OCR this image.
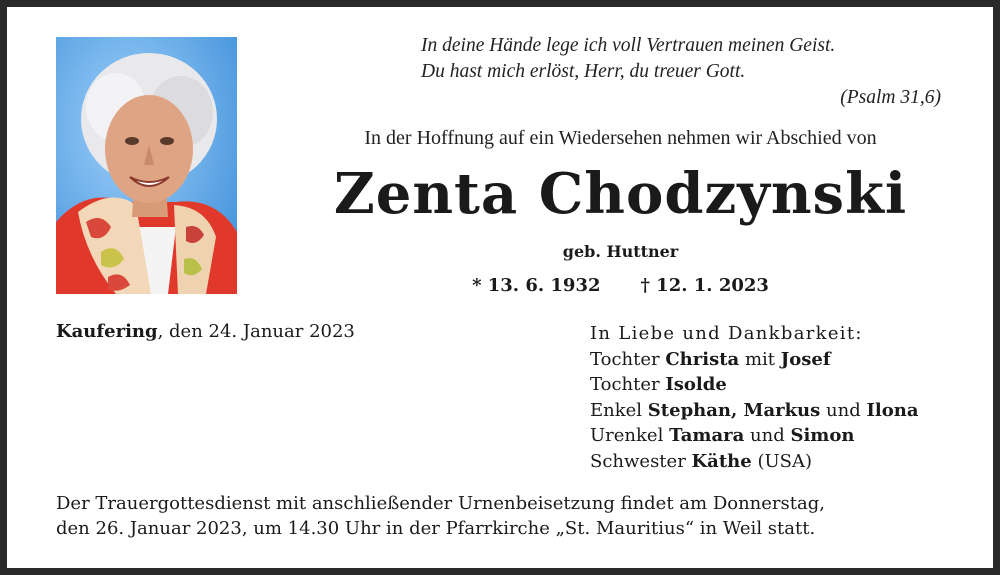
In deine Hände lege ich voll Vertrauen meinen Geist.
Du hast mich erlöst, Herr, du treuer Gott.
(Psalm 31,6)
In der Hoffnung auf ein Wiedersehen nehmen wir Abschied von
Zenta Chodzynski
geb. Huttner
* 13. 6. 1932 † 12. 1. 2023
Kaufering, den 24. Januar 2023	In Liebe und Dankbarkeit:
Tochter Christa mit Josef
Tochter Isolde
Enkel Stephan, Markus und Ilona
Urenkel Tamara und Simon
Schwester Käthe (USA)
Der Trauergottesdienst mit anschließender Urnenbeisetzung findet am Donnerstag,
den 26. Januar 2023, um 14.30 Uhr in der Pfarrkirche „St. Mauritius“ in Weil statt.
